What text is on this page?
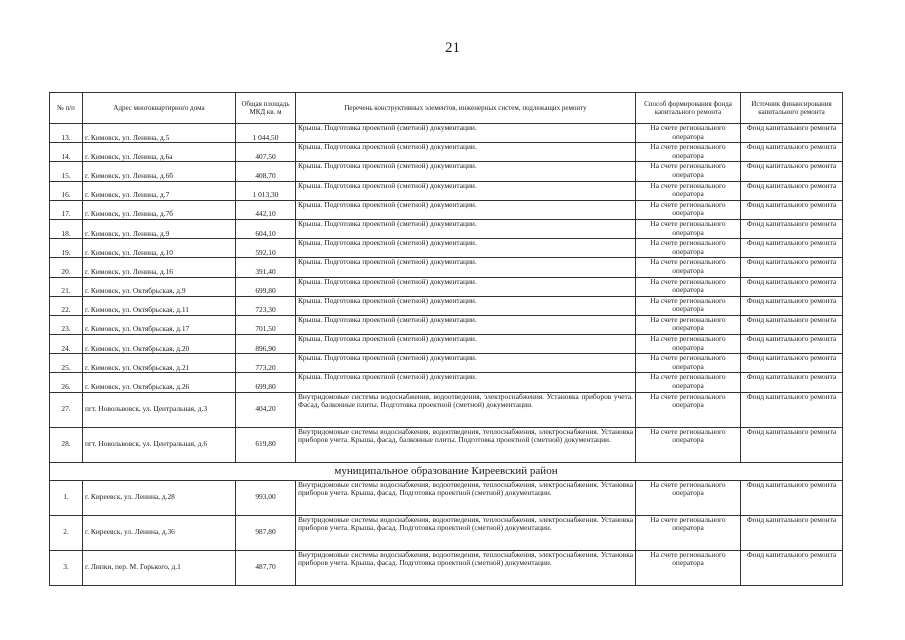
21
№ п/п	Адрес многоквартирного дома	Общая площадь МКД кв. м	Перечень конструктивных элементов, инженерных систем, подлежащих ремонту	Способ формирования фонда капитального ремонта	Источник финансирования капитального ремонта
13.	г. Кимовск, ул. Ленина, д.5	1 044,50	Крыша. Подготовка проектной (сметной) документации.	На счете регионального оператора	Фонд капитального ремонта
14.	г. Кимовск, ул. Ленина, д.6а	407,50	Крыша. Подготовка проектной (сметной) документации.	На счете регионального оператора	Фонд капитального ремонта
15.	г. Кимовск, ул. Ленина, д.6б	408,70	Крыша. Подготовка проектной (сметной) документации.	На счете регионального оператора	Фонд капитального ремонта
16.	г. Кимовск, ул. Ленина, д.7	1 013,30	Крыша. Подготовка проектной (сметной) документации.	На счете регионального оператора	Фонд капитального ремонта
17.	г. Кимовск, ул. Ленина, д.7б	442,10	Крыша. Подготовка проектной (сметной) документации.	На счете регионального оператора	Фонд капитального ремонта
18.	г. Кимовск, ул. Ленина, д.9	604,10	Крыша. Подготовка проектной (сметной) документации.	На счете регионального оператора	Фонд капитального ремонта
19.	г. Кимовск, ул. Ленина, д.10	592,10	Крыша. Подготовка проектной (сметной) документации.	На счете регионального оператора	Фонд капитального ремонта
20.	г. Кимовск, ул. Ленина, д.16	391,40	Крыша. Подготовка проектной (сметной) документации.	На счете регионального оператора	Фонд капитального ремонта
21.	г. Кимовск, ул. Октябрьская, д.9	699,80	Крыша. Подготовка проектной (сметной) документации.	На счете регионального оператора	Фонд капитального ремонта
22.	г. Кимовск, ул. Октябрьская, д.11	723,30	Крыша. Подготовка проектной (сметной) документации.	На счете регионального оператора	Фонд капитального ремонта
23.	г. Кимовск, ул. Октябрьская, д.17	701,50	Крыша. Подготовка проектной (сметной) документации.	На счете регионального оператора	Фонд капитального ремонта
24.	г. Кимовск, ул. Октябрьская, д.20	896,90	Крыша. Подготовка проектной (сметной) документации.	На счете регионального оператора	Фонд капитального ремонта
25.	г. Кимовск, ул. Октябрьская, д.21	773,20	Крыша. Подготовка проектной (сметной) документации.	На счете регионального оператора	Фонд капитального ремонта
26.	г. Кимовск, ул. Октябрьская, д.26	699,80	Крыша. Подготовка проектной (сметной) документации.	На счете регионального оператора	Фонд капитального ремонта
27.	пгт. Новольвовск, ул. Центральная, д.3	404,20	Внутридомовые системы водоснабжения, водоотведения, электроснабжения. Установка приборов учета. Фасад, балконные плиты. Подготовка проектной (сметной) документации.	На счете регионального оператора	Фонд капитального ремонта
28.	пгт. Новольвовск, ул. Центральная, д.6	619,80	Внутридомовые системы водоснабжения, водоотведения, теплоснабжения, электроснабжения. Установка приборов учета. Крыша, фасад, балконные плиты. Подготовка проектной (сметной) документации.	На счете регионального оператора	Фонд капитального ремонта
муниципальное образование Киреевский район					
1.	г. Киреевск, ул. Ленина, д.28	993,00	Внутридомовые системы водоснабжения, водоотведения, теплоснабжения, электроснабжения. Установка приборов учета. Крыша, фасад. Подготовка проектной (сметной) документации.	На счете регионального оператора	Фонд капитального ремонта
2.	г. Киреевск, ул. Ленина, д.36	987,80	Внутридомовые системы водоснабжения, водоотведения, теплоснабжения, электроснабжения. Установка приборов учета. Крыша, фасад. Подготовка проектной (сметной) документации.	На счете регионального оператора	Фонд капитального ремонта
3.	г. Липки, пер. М. Горького, д.1	487,70	Внутридомовые системы водоснабжения, водоотведения, теплоснабжения, электроснабжения. Установка приборов учета. Крыша, фасад. Подготовка проектной (сметной) документации.	На счете регионального оператора	Фонд капитального ремонта
